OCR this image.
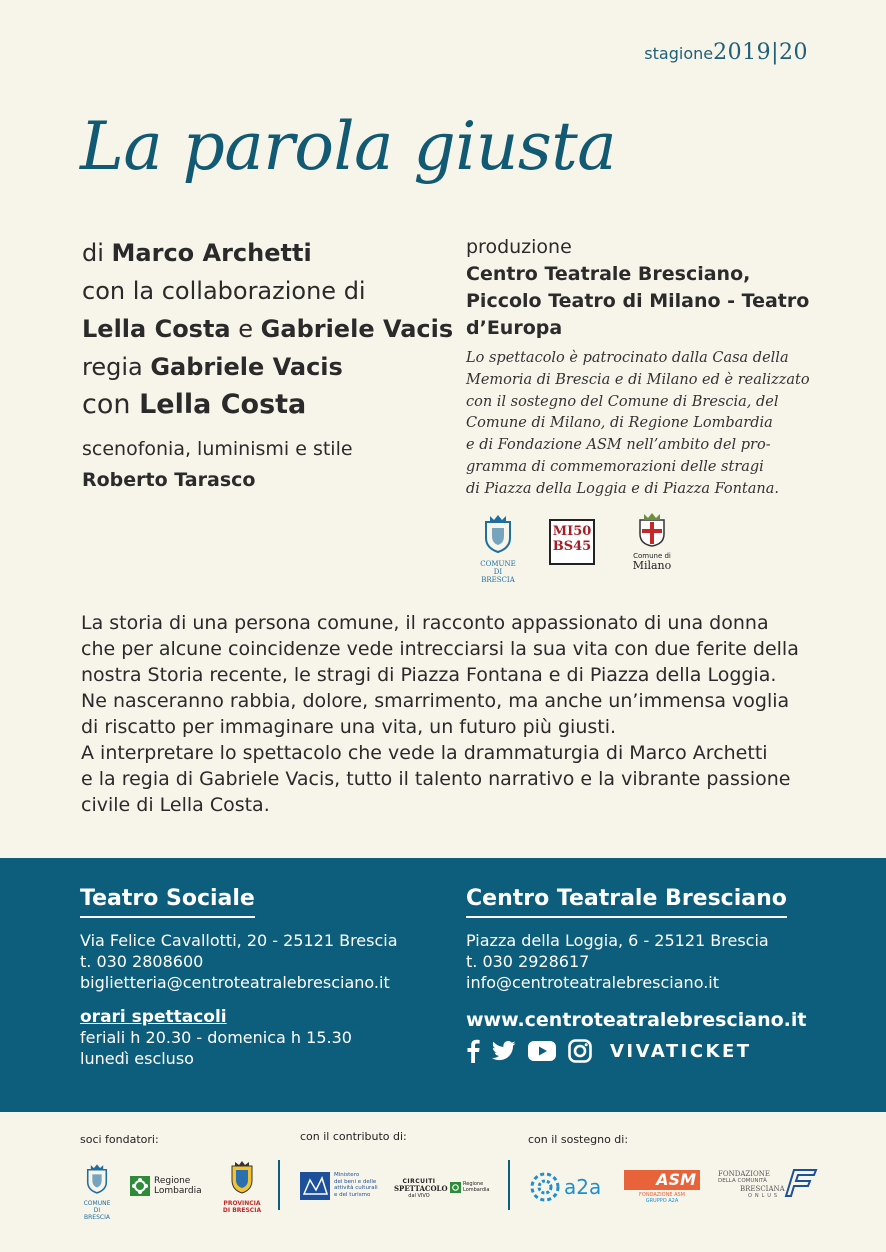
stagione2019|20
La parola giusta
di Marco Archetti
con la collaborazione di
Lella Costa e Gabriele Vacis
regia Gabriele Vacis
con Lella Costa
scenofonia, luminismi e stile
Roberto Tarasco
produzione
Centro Teatrale Bresciano,
Piccolo Teatro di Milano - Teatro
d’Europa
Lo spettacolo è patrocinato dalla Casa della
Memoria di Brescia e di Milano ed è realizzato
con il sostegno del Comune di Brescia, del
Comune di Milano, di Regione Lombardia
e di Fondazione ASM nell’ambito del pro-
gramma di commemorazioni delle stragi
di Piazza della Loggia e di Piazza Fontana.
COMUNE DI
BRESCIA
MI50
BS45
Comune di
Milano

La storia di una persona comune, il racconto appassionato di una donna

che per alcune coincidenze vede intrecciarsi la sua vita con due ferite della

nostra Storia recente, le stragi di Piazza Fontana e di Piazza della Loggia.

Ne nasceranno rabbia, dolore, smarrimento, ma anche un’immensa voglia

di riscatto per immaginare una vita, un futuro più giusti.

A interpretare lo spettacolo che vede la drammaturgia di Marco Archetti

e la regia di Gabriele Vacis, tutto il talento narrativo e la vibrante passione

civile di Lella Costa.

Teatro Sociale
Via Felice Cavallotti, 20 - 25121 Brescia
t. 030 2808600
biglietteria@centroteatralebresciano.it
orari spettacoli
feriali h 20.30 - domenica h 15.30
lunedì escluso
Centro Teatrale Bresciano
Piazza della Loggia, 6 - 25121 Brescia
t. 030 2928617
info@centroteatralebresciano.it
www.centroteatralebresciano.it
VIVATICKET
soci fondatori:	con il contributo di:	con il sostegno di:
COMUNE DI
BRESCIA
Regione
Lombardia
PROVINCIA
DI BRESCIA
Ministero
dei beni e delle
attività culturali
e del turismo
CIRCUITI
SPETTACOLO
dal VIVO
Regione
Lombardia	a2a	ASM
FONDAZIONE ASM
GRUPPO A2A
FONDAZIONE
DELLA COMUNITÀ
BRESCIANA
ONLUS
